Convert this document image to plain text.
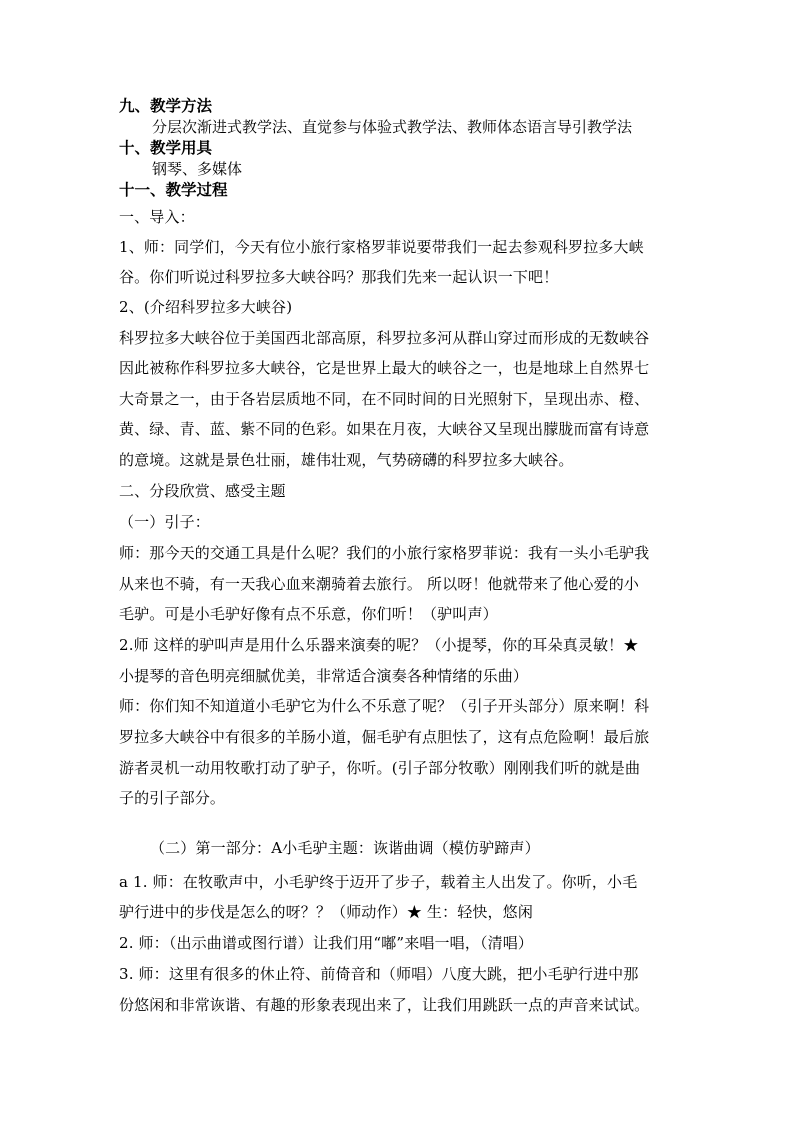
九、教学方法
分层次渐进式教学法、直觉参与体验式教学法、教师体态语言导引教学法
十、教学用具
钢琴、多媒体
十一、教学过程
一、导入：
1、师：同学们，今天有位小旅行家格罗菲说要带我们一起去参观科罗拉多大峡
谷。你们听说过科罗拉多大峡谷吗？那我们先来一起认识一下吧！
2、(介绍科罗拉多大峡谷)
科罗拉多大峡谷位于美国西北部高原，科罗拉多河从群山穿过而形成的无数峡谷
因此被称作科罗拉多大峡谷，它是世界上最大的峡谷之一，也是地球上自然界七
大奇景之一，由于各岩层质地不同，在不同时间的日光照射下，呈现出赤、橙、
黄、绿、青、蓝、紫不同的色彩。如果在月夜，大峡谷又呈现出朦胧而富有诗意
的意境。这就是景色壮丽，雄伟壮观，气势磅礴的科罗拉多大峡谷。
二、分段欣赏、感受主题
（一）引子：
师：那今天的交通工具是什么呢？我们的小旅行家格罗菲说：我有一头小毛驴我
从来也不骑，有一天我心血来潮骑着去旅行。 所以呀！他就带来了他心爱的小
毛驴。可是小毛驴好像有点不乐意，你们听！（驴叫声）
2.师 这样的驴叫声是用什么乐器来演奏的呢？（小提琴，你的耳朵真灵敏！★
小提琴的音色明亮细腻优美，非常适合演奏各种情绪的乐曲）
师：你们知不知道道小毛驴它为什么不乐意了呢？（引子开头部分）原来啊！科
罗拉多大峡谷中有很多的羊肠小道，倔毛驴有点胆怯了，这有点危险啊！最后旅
游者灵机一动用牧歌打动了驴子，你听。(引子部分牧歌）刚刚我们听的就是曲
子的引子部分。
（二）第一部分：A小毛驴主题：诙谐曲调（模仿驴蹄声）
a 1. 师：在牧歌声中，小毛驴终于迈开了步子，载着主人出发了。你听，小毛
驴行进中的步伐是怎么的呀？？（师动作）★ 生：轻快，悠闲
2. 师：（出示曲谱或图行谱）让我们用“嘟”来唱一唱，（清唱）
3. 师：这里有很多的休止符、前倚音和（师唱）八度大跳，把小毛驴行进中那
份悠闲和非常诙谐、有趣的形象表现出来了，让我们用跳跃一点的声音来试试。
